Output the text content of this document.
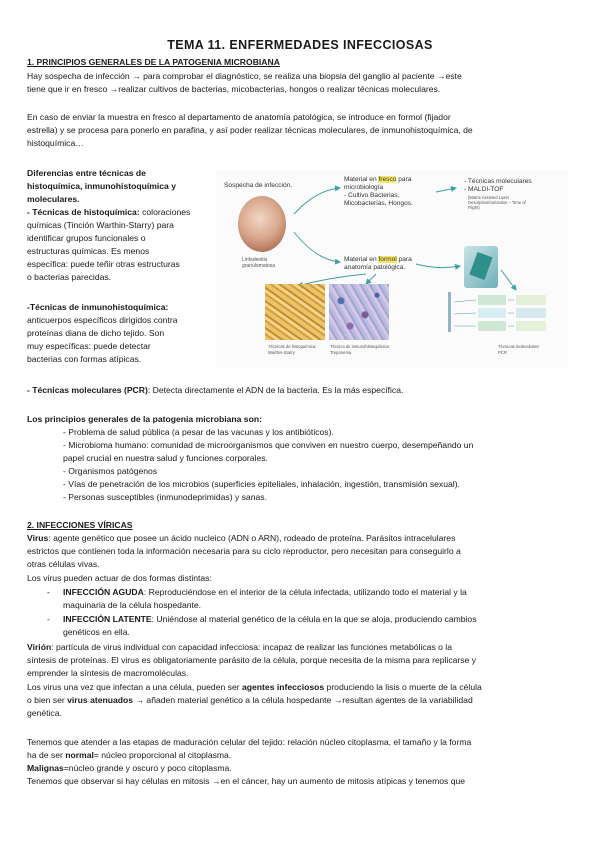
TEMA 11. ENFERMEDADES INFECCIOSAS
1. PRINCIPIOS GENERALES DE LA PATOGENIA MICROBIANA
Hay sospecha de infección → para comprobar el diagnóstico, se realiza una biopsia del ganglio al paciente →este
tiene que ir en fresco →realizar cultivos de bacterias, micobacterias, hongos o realizar técnicas moleculares.
En caso de enviar la muestra en fresco al departamento de anatomía patológica, se introduce en formol (fijador
estrella) y se procesa para ponerlo en parafina, y así poder realizar técnicas moleculares, de inmunohistoquímica, de
histoquímica…
Diferencias entre técnicas de
histoquímica, inmunohistoquímica y
moleculares.
- Técnicas de histoquímica: coloraciones
químicas (Tinción Warthin-Starry) para
identificar grupos funcionales o
estructuras químicas. Es menos
específica: puede teñir otras estructuras
o bacterias parecidas.
-Técnicas de inmunohistoquímica:
anticuerpos específicos dirigidos contra
proteínas diana de dicho tejido. Son
muy específicas: puede detectar
bacterias con formas atípicas.
Sospecha de infección.
Linfadenitis
granulomatosa
Material en fresco para
microbiología
- Cultivo Bacterias,
Micobacterias, Hongos.
- Técnicas moleculares
- MALDI-TOF
(Matrix Assisted Laser
Desorption/Ionization – Time of
Flight)
Material en formol para
anatomía patológica.
Técnicas de histoquímica:
Warthin-Starry
Técnica de inmunohistoquímica
Treponema
Técnicas moleculares:
PCR
- Técnicas moleculares (PCR): Detecta directamente el ADN de la bacteria. Es la más específica.
Los principios generales de la patogenia microbiana son:
- Problema de salud pública (a pesar de las vacunas y los antibióticos).
- Microbioma humano: comunidad de microorganismos que conviven en nuestro cuerpo, desempeñando un
papel crucial en nuestra salud y funciones corporales.
- Organismos patógenos
- Vías de penetración de los microbios (superficies epiteliales, inhalación, ingestión, transmisión sexual).
- Personas susceptibles (inmunodeprimidas) y sanas.
2. INFECCIONES VÍRICAS
Virus: agente genético que posee un ácido nucleico (ADN o ARN), rodeado de proteína. Parásitos intracelulares
estrictos que contienen toda la información necesaria para su ciclo reproductor, pero necesitan para conseguirlo a
otras células vivas.
Los virus pueden actuar de dos formas distintas:
- INFECCIÓN AGUDA: Reproduciéndose en el interior de la célula infectada, utilizando todo el material y la
maquinaria de la célula hospedante.
- INFECCIÓN LATENTE: Uniéndose al material genético de la célula en la que se aloja, produciendo cambios
genéticos en ella.
Virión: partícula de virus individual con capacidad infecciosa: incapaz de realizar las funciones metabólicas o la
síntesis de proteínas. El virus es obligatoriamente parásito de la célula, porque necesita de la misma para replicarse y
emprender la síntesis de macromoléculas.
Los virus una vez que infectan a una célula, pueden ser agentes infecciosos produciendo la lisis o muerte de la célula
o bien ser virus atenuados → añaden material genético a la célula hospedante →resultan agentes de la variabilidad
genética.
Tenemos que atender a las etapas de maduración celular del tejido: relación núcleo citoplasma, el tamaño y la forma
ha de ser normal= núcleo proporcional al citoplasma.
Malignas=núcleo grande y oscuro y poco citoplasma.
Tenemos que observar si hay células en mitosis →en el cáncer, hay un aumento de mitosis atípicas y tenemos que
